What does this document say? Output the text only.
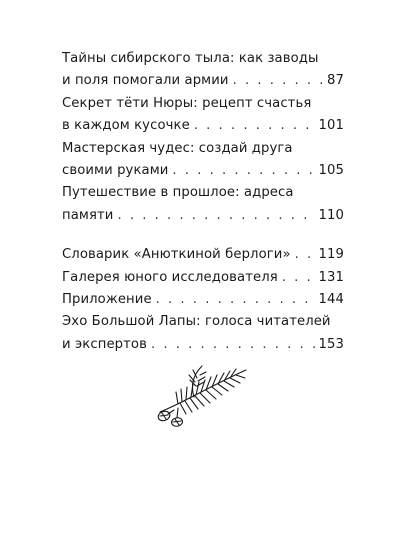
Тайны сибирского тыла: как заводы
и поля помогали армии . . .	87
Секрет тёти Нюры: рецепт счастья
в каждом кусочке . . .	101
Мастерская чудес: создай друга
своими руками . . .	105
Путешествие в прошлое: адреса
памяти . . .	110
Словарик «Анюткиной берлоги» . . . 119
Галерея юного исследователя . . .	131
Приложение . . .	144
Эхо Большой Лапы: голоса читателей
и экспертов . . .	153
